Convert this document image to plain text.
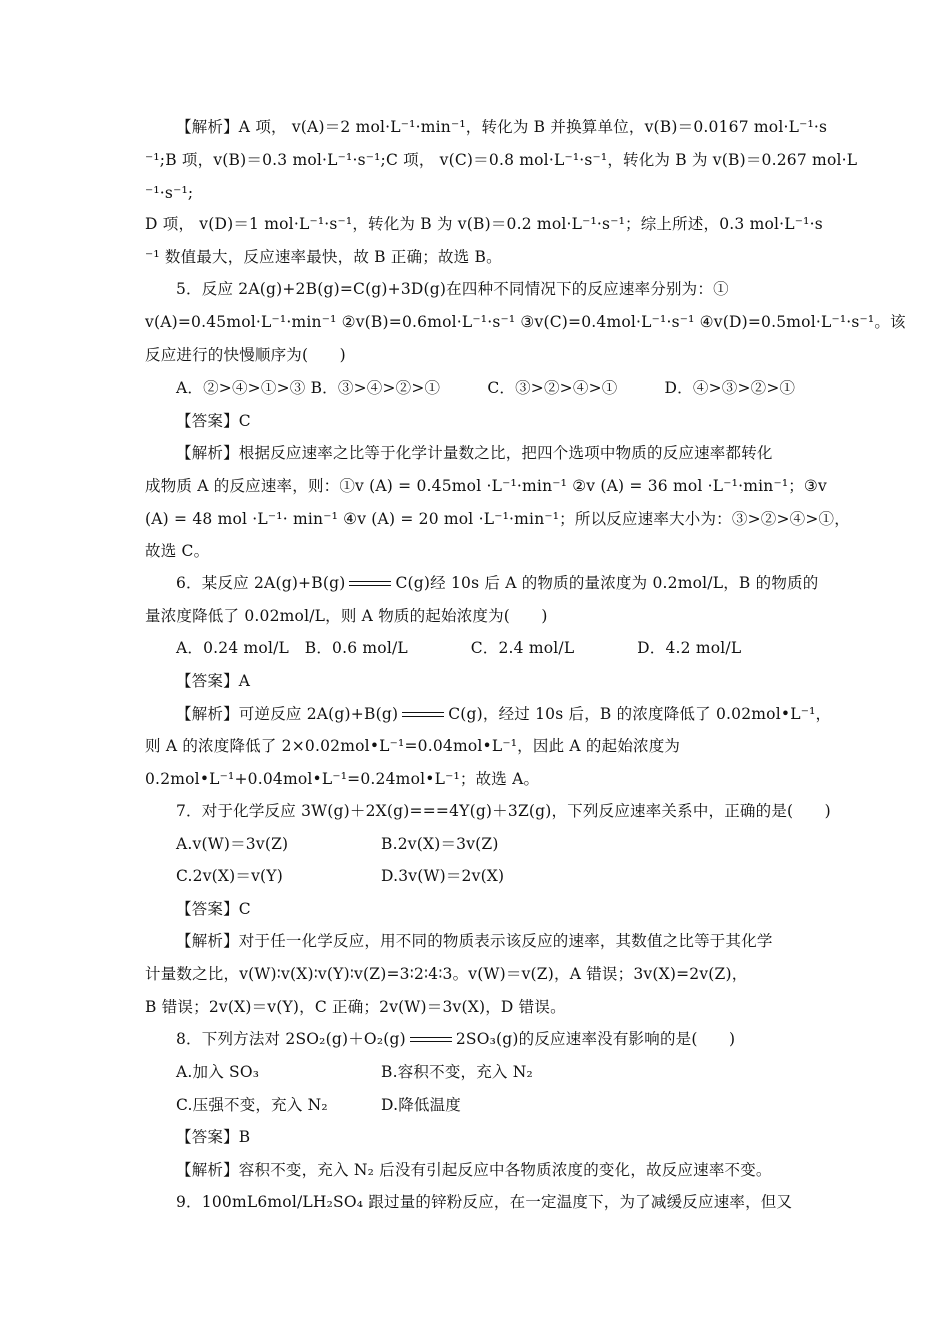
【解析】A 项， v(A)＝2 mol·L⁻¹·min⁻¹，转化为 B 并换算单位，v(B)＝0.0167 mol·L⁻¹·s
⁻¹;B 项，v(B)＝0.3 mol·L⁻¹·s⁻¹;C 项， v(C)＝0.8 mol·L⁻¹·s⁻¹，转化为 B 为 v(B)＝0.267 mol·L
⁻¹·s⁻¹;
D 项， v(D)＝1 mol·L⁻¹·s⁻¹，转化为 B 为 v(B)＝0.2 mol·L⁻¹·s⁻¹；综上所述，0.3 mol·L⁻¹·s
⁻¹ 数值最大，反应速率最快，故 B 正确；故选 B。
5．反应 2A(g)+2B(g)=C(g)+3D(g)在四种不同情况下的反应速率分别为：①
v(A)=0.45mol·L⁻¹·min⁻¹ ②v(B)=0.6mol·L⁻¹·s⁻¹ ③v(C)=0.4mol·L⁻¹·s⁻¹ ④v(D)=0.5mol·L⁻¹·s⁻¹。该
反应进行的快慢顺序为(　　)
A．②>④>①>③ B．③>④>②>①　　　C．③>②>④>①　　　D．④>③>②>①
【答案】C
【解析】根据反应速率之比等于化学计量数之比，把四个选项中物质的反应速率都转化
成物质 A 的反应速率，则：①v (A) = 0.45mol ·L⁻¹·min⁻¹ ②v (A) = 36 mol ·L⁻¹·min⁻¹；③v
(A) = 48 mol ·L⁻¹· min⁻¹ ④v (A) = 20 mol ·L⁻¹·min⁻¹；所以反应速率大小为：③>②>④>①，
故选 C。
6．某反应 2A(g)+B(g)	C(g)经 10s 后 A 的物质的量浓度为 0.2mol/L，B 的物质的
量浓度降低了 0.02mol/L，则 A 物质的起始浓度为(　　)
A．0.24 mol/L　B．0.6 mol/L　　　　C．2.4 mol/L　　　　D．4.2 mol/L
【答案】A
【解析】可逆反应 2A(g)+B(g)	C(g)，经过 10s 后，B 的浓度降低了 0.02mol•L⁻¹，
则 A 的浓度降低了 2×0.02mol•L⁻¹=0.04mol•L⁻¹，因此 A 的起始浓度为
0.2mol•L⁻¹+0.04mol•L⁻¹=0.24mol•L⁻¹；故选 A。
7．对于化学反应 3W(g)＋2X(g)===4Y(g)＋3Z(g)，下列反应速率关系中，正确的是(　　)
A.v(W)＝3v(Z)	B.2v(X)＝3v(Z)
C.2v(X)＝v(Y)	D.3v(W)＝2v(X)
【答案】C
【解析】对于任一化学反应，用不同的物质表示该反应的速率，其数值之比等于其化学
计量数之比，v(W)∶v(X)∶v(Y)∶v(Z)=3∶2∶4∶3。v(W)＝v(Z)，A 错误；3v(X)=2v(Z)，
B 错误；2v(X)＝v(Y)，C 正确；2v(W)＝3v(X)，D 错误。
8．下列方法对 2SO₂(g)＋O₂(g)	2SO₃(g)的反应速率没有影响的是(　　)
A.加入 SO₃	B.容积不变，充入 N₂
C.压强不变，充入 N₂	D.降低温度
【答案】B
【解析】容积不变，充入 N₂ 后没有引起反应中各物质浓度的变化，故反应速率不变。
9．100mL6mol/LH₂SO₄ 跟过量的锌粉反应，在一定温度下，为了减缓反应速率，但又
